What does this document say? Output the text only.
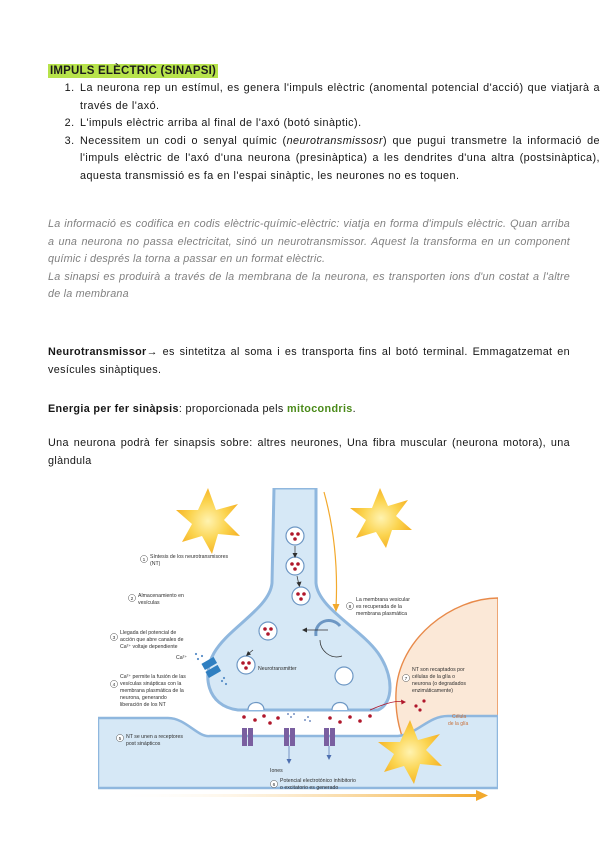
IMPULS ELÈCTRIC (SINAPSI)
1. La neurona rep un estímul, es genera l'impuls elèctric (anomental potencial d'acció) que viatjarà a través de l'axó.
2. L'impuls elèctric arriba al final de l'axó (botó sinàptic).
3. Necessitem un codi o senyal químic (neurotransmissosr) que pugui transmetre la informació de l'impuls elèctric de l'axó d'una neurona (presinàptica) a les dendrites d'una altra (postsinàptica), aquesta transmissió es fa en l'espai sinàptic, les neurones no es toquen.

La informació es codifica en codis elèctric-químic-elèctric: viatja en forma d'impuls elèctric. Quan arriba a una neurona no passa electricitat, sinó un neurotransmissor. Aquest la transforma en un component químic i després la torna a passar en un format elèctric.

La sinapsi es produirà a través de la membrana de la neurona, es transporten ions d'un costat a l'altre de la membrana

Neurotransmissor→ es sintetitza al soma i es transporta fins al botó terminal. Emmagatzemat en vesícules sinàptiques.
Energia per fer sinàpsis: proporcionada pels mitocondris.
Una neurona podrà fer sinapsis sobre: altres neurones, Una fibra muscular (neurona motora), una glàndula
1
2
3
4
5
6
7
8
Síntesis de los neurotransmisores
(NT)
Almacenamiento en
vesículas
Llegada del potencial de
acción que abre canales de
Ca²⁺ voltaje dependiente
Ca²⁺
Ca²⁺ permite la fusión de las
vesículas sinápticas con la
membrana plasmática de la
neurona, generando
liberación de los NT
NT se unen a receptores
post sinápticos
Potencial electrotónico inhibitorio
o excitatorio es generado
NT son recaptados por
células de la glía o
neurona (o degradados
enzimáticamente)
La membrana vesicular
es recuperada de la
membrana plasmática
Neurotransmitter
Célula
de la glía
Iones
